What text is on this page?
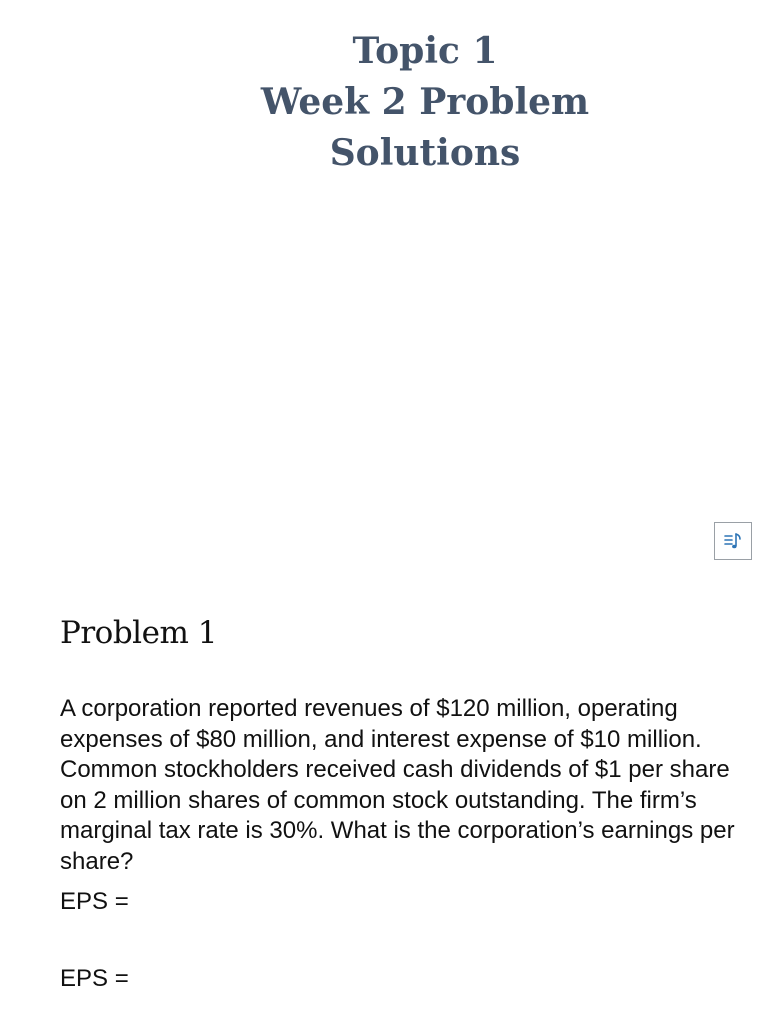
Topic 1
Week 2 Problem
Solutions
Problem 1

A corporation reported revenues of $120 million, operating expenses of $80 million, and interest expense of $10 million. Common stockholders received cash dividends of $1 per share on 2 million shares of common stock outstanding. The firm’s marginal tax rate is 30%. What is the corporation’s earnings per share?

EPS =
EPS =
